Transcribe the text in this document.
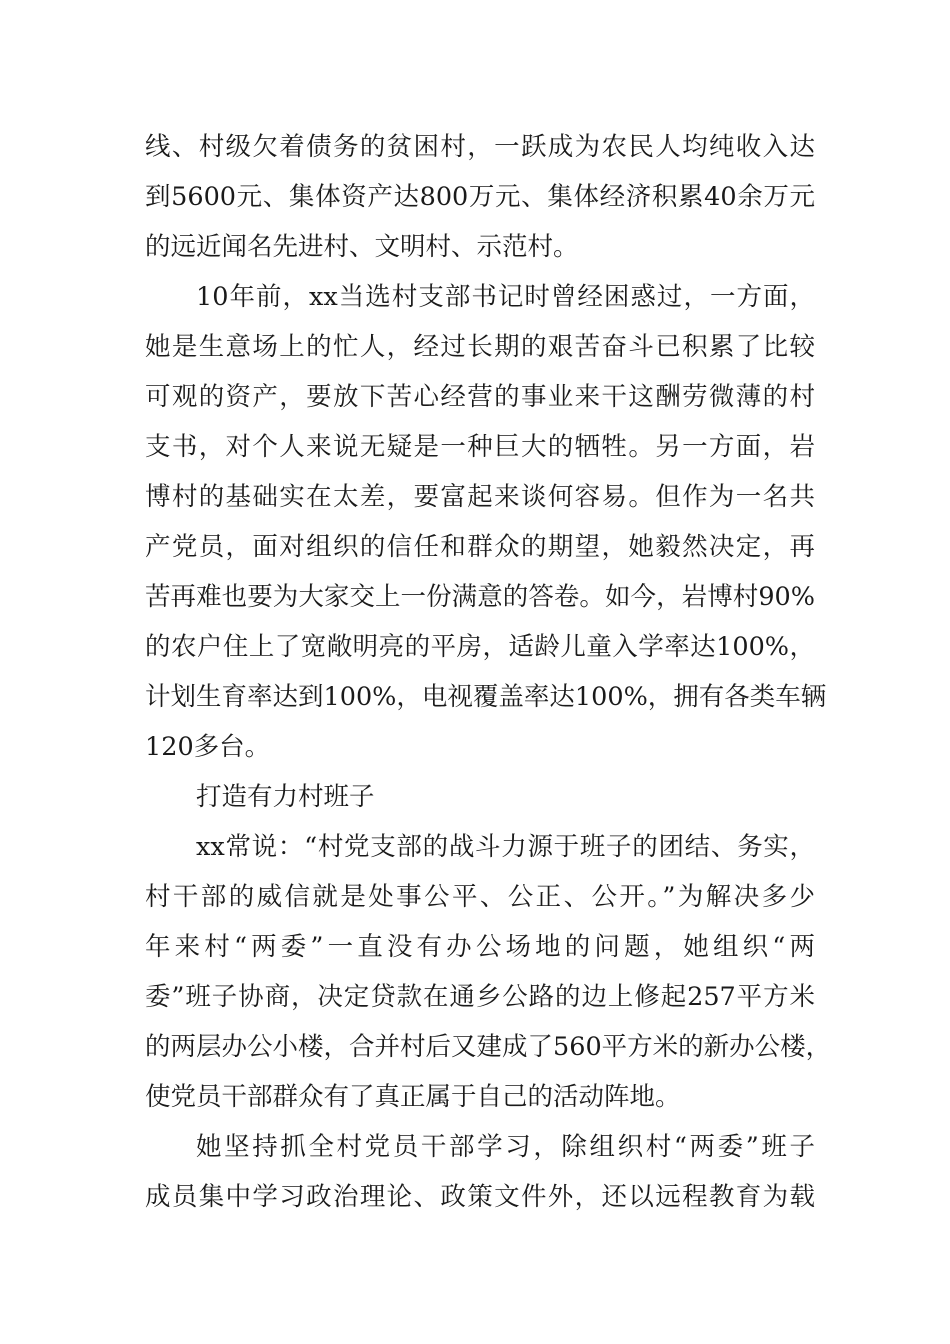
线、村级欠着债务的贫困村，一跃成为农民人均纯收入达
到5600元、集体资产达800万元、集体经济积累40余万元
的远近闻名先进村、文明村、示范村。
10年前，xx当选村支部书记时曾经困惑过，一方面，
她是生意场上的忙人，经过长期的艰苦奋斗已积累了比较
可观的资产，要放下苦心经营的事业来干这酬劳微薄的村
支书，对个人来说无疑是一种巨大的牺牲。另一方面，岩
博村的基础实在太差，要富起来谈何容易。但作为一名共
产党员，面对组织的信任和群众的期望，她毅然决定，再
苦再难也要为大家交上一份满意的答卷。如今，岩博村90%
的农户住上了宽敞明亮的平房，适龄儿童入学率达100%，
计划生育率达到100%，电视覆盖率达100%，拥有各类车辆
120多台。
打造有力村班子
xx常说：“村党支部的战斗力源于班子的团结、务实，
村干部的威信就是处事公平、公正、公开。”为解决多少
年来村“两委”一直没有办公场地的问题，她组织“两
委”班子协商，决定贷款在通乡公路的边上修起257平方米
的两层办公小楼，合并村后又建成了560平方米的新办公楼，
使党员干部群众有了真正属于自己的活动阵地。
她坚持抓全村党员干部学习，除组织村“两委”班子
成员集中学习政治理论、政策文件外，还以远程教育为载
